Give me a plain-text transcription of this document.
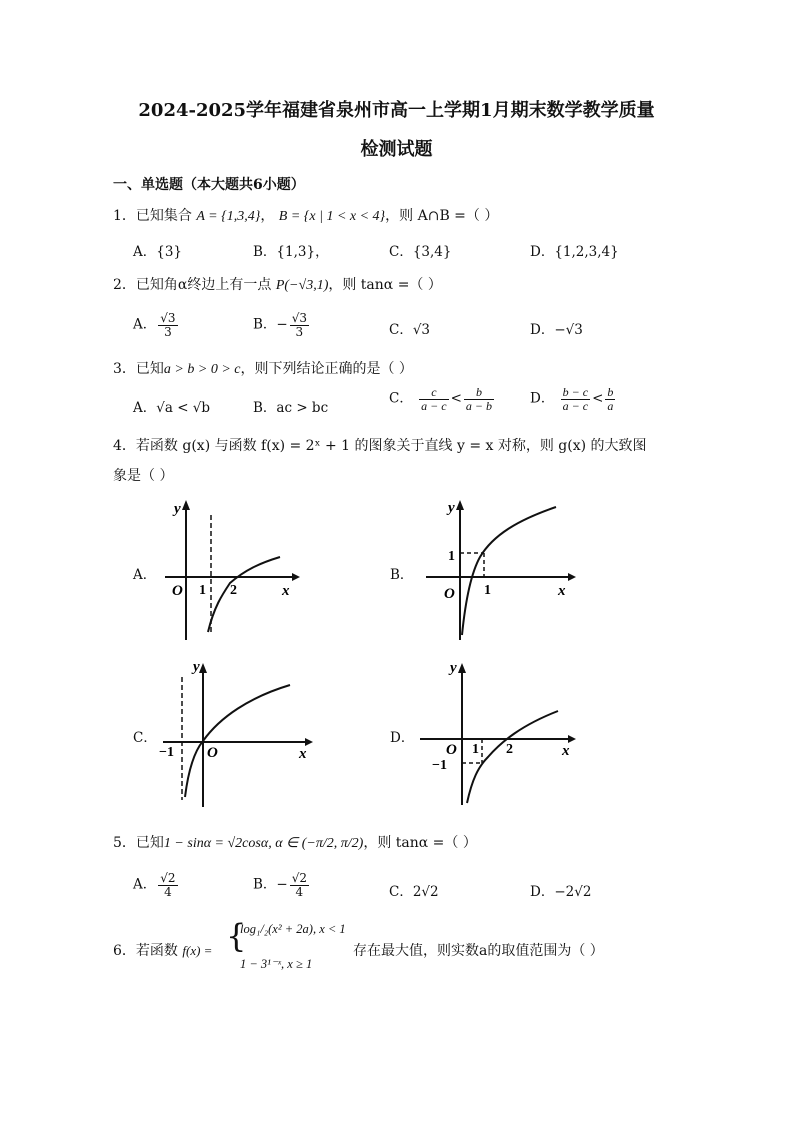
2024-2025学年福建省泉州市高一上学期1月期末数学教学质量
检测试题
一、单选题（本大题共6小题）
1．已知集合 A = {1,3,4}， B = {x | 1 < x < 4}，则 A∩B =（ ）
A．{3}	B．{1,3}，	C．{3,4}	D．{1,2,3,4}
2．已知角α终边上有一点 P(−√3,1)，则 tanα =（ ）
A． $\frac{√3}{3}$	B．− $\frac{√3}{3}$	C．√3	D．−√3
3．已知a > b > 0 > c，则下列结论正确的是（ ）
A．√a < √b	B．ac > bc
C． $\frac{c}{a - c} < \frac{b}{a - b}$	D． $\frac{b - c}{a - c} < \frac{b}{a}$
4．若函数 g(x) 与函数 f(x) = 2ˣ + 1 的图象关于直线 y = x 对称，则 g(x) 的大致图
象是（ ）
A．	B．
C．	D．
y
O 1 2	x
y
1
O 1	x
y
−1 O	x
y
O 1 2
−1
x
5．已知1 − sinα = √2cosα, α ∈ (−π/2, π/2)，则 tanα =（ ）
A． $\frac{√2}{4}$	B．− $\frac{√2}{4}$	C．2√2	D．−2√2
6．若函数 f(x) = {
log₁/₂(x² + 2a), x < 1
1 − 3¹⁻ˣ, x ≥ 1
存在最大值，则实数a的取值范围为（ ）
